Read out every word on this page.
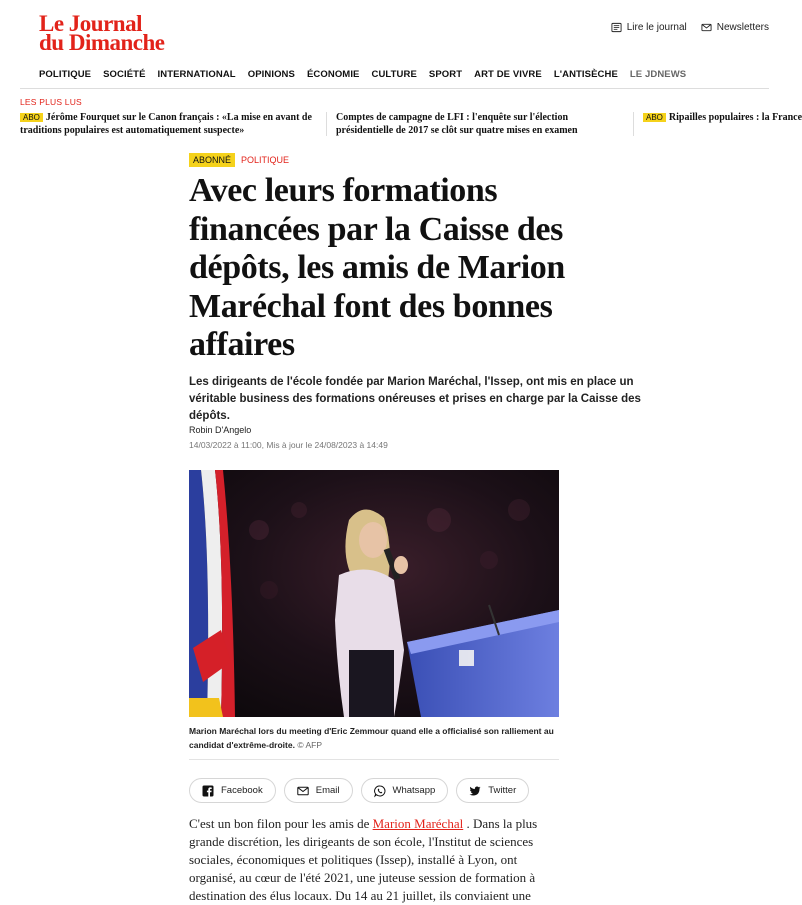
Le Journal
du Dimanche
Lire le journal	Newsletters
POLITIQUE SOCIÉTÉ INTERNATIONAL OPINIONS ÉCONOMIE CULTURE SPORT ART DE VIVRE L'ANTISÈCHE LE JDNEWS
LES PLUS LUS
ABO Jérôme Fourquet sur le Canon français : «La mise en avant de traditions populaires est automatiquement suspecte»
Comptes de campagne de LFI : l'enquête sur l'élection présidentielle de 2017 se clôt sur quatre mises en examen
ABO Ripailles populaires : la France
ABONNÉ	POLITIQUE
Avec leurs formations financées par la Caisse des dépôts, les amis de Marion Maréchal font des bonnes affaires

Les dirigeants de l'école fondée par Marion Maréchal, l'Issep, ont mis en place un véritable business des formations onéreuses et prises en charge par la Caisse des dépôts.

Robin D'Angelo
14/03/2022 à 11:00, Mis à jour le 24/08/2023 à 14:49

Marion Maréchal lors du meeting d'Eric Zemmour quand elle a officialisé son ralliement au candidat d'extrême-droite. © AFP

Facebook	Email	Whatsapp	Twitter

C'est un bon filon pour les amis de Marion Maréchal . Dans la plus grande discrétion, les dirigeants de son école, l'Institut de sciences sociales, économiques et politiques (Issep), installé à Lyon, ont organisé, au cœur de l'été 2021, une juteuse session de formation à destination des élus locaux. Du 14 au 21 juillet, ils conviaient une
